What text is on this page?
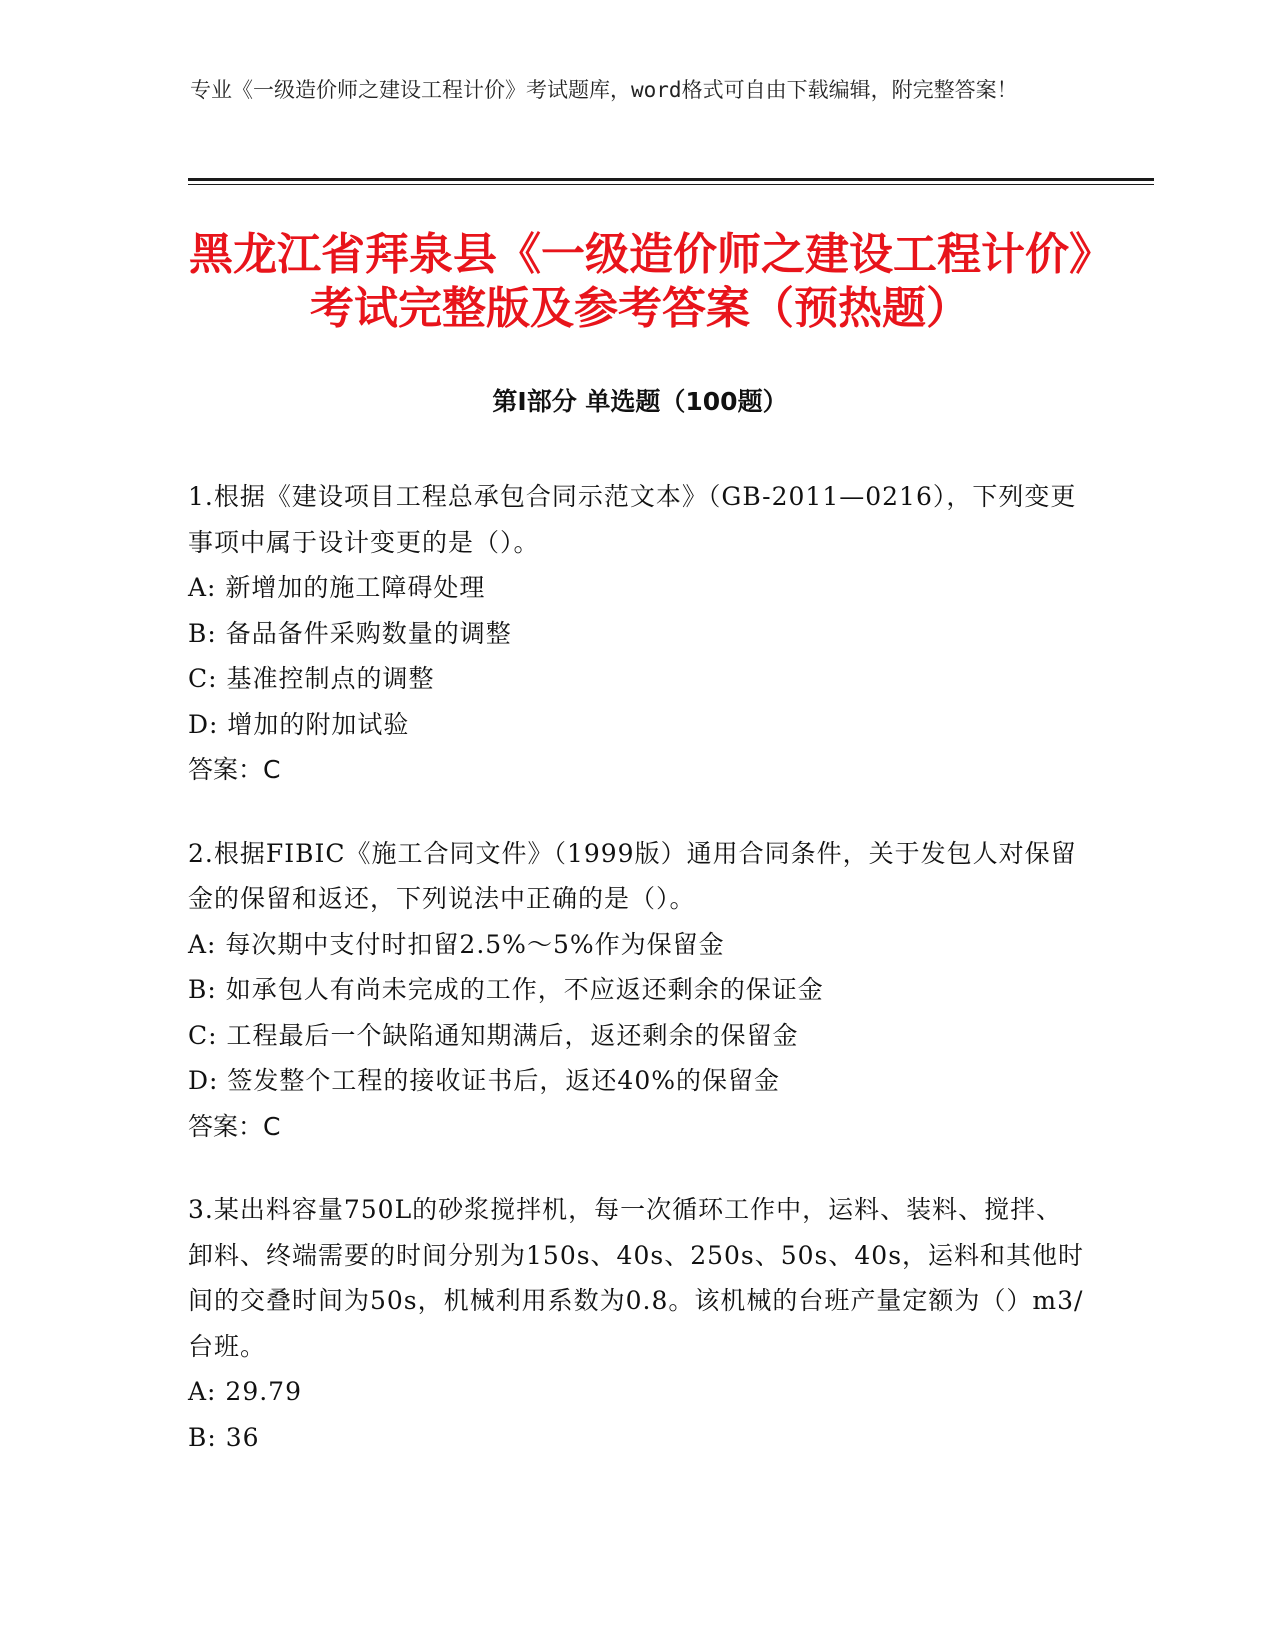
专业《一级造价师之建设工程计价》考试题库，word格式可自由下载编辑，附完整答案！
黑龙江省拜泉县《一级造价师之建设工程计价》考试完整版及参考答案（预热题）
第Ⅰ部分 单选题（100题）

1.根据《建设项目工程总承包合同示范文本》（GB-2011—0216），下列变更事项中属于设计变更的是（）。

A: 新增加的施工障碍处理

B: 备品备件采购数量的调整

C: 基准控制点的调整

D: 增加的附加试验

答案：C

2.根据FIBIC《施工合同文件》（1999版）通用合同条件，关于发包人对保留金的保留和返还，下列说法中正确的是（）。

A: 每次期中支付时扣留2.5%～5%作为保留金

B: 如承包人有尚未完成的工作，不应返还剩余的保证金

C: 工程最后一个缺陷通知期满后，返还剩余的保留金

D: 签发整个工程的接收证书后，返还40%的保留金

答案：C

3.某出料容量750L的砂浆搅拌机，每一次循环工作中，运料、装料、搅拌、卸料、终端需要的时间分别为150s、40s、250s、50s、40s，运料和其他时间的交叠时间为50s，机械利用系数为0.8。该机械的台班产量定额为（）m3/台班。

A: 29.79

B: 36
